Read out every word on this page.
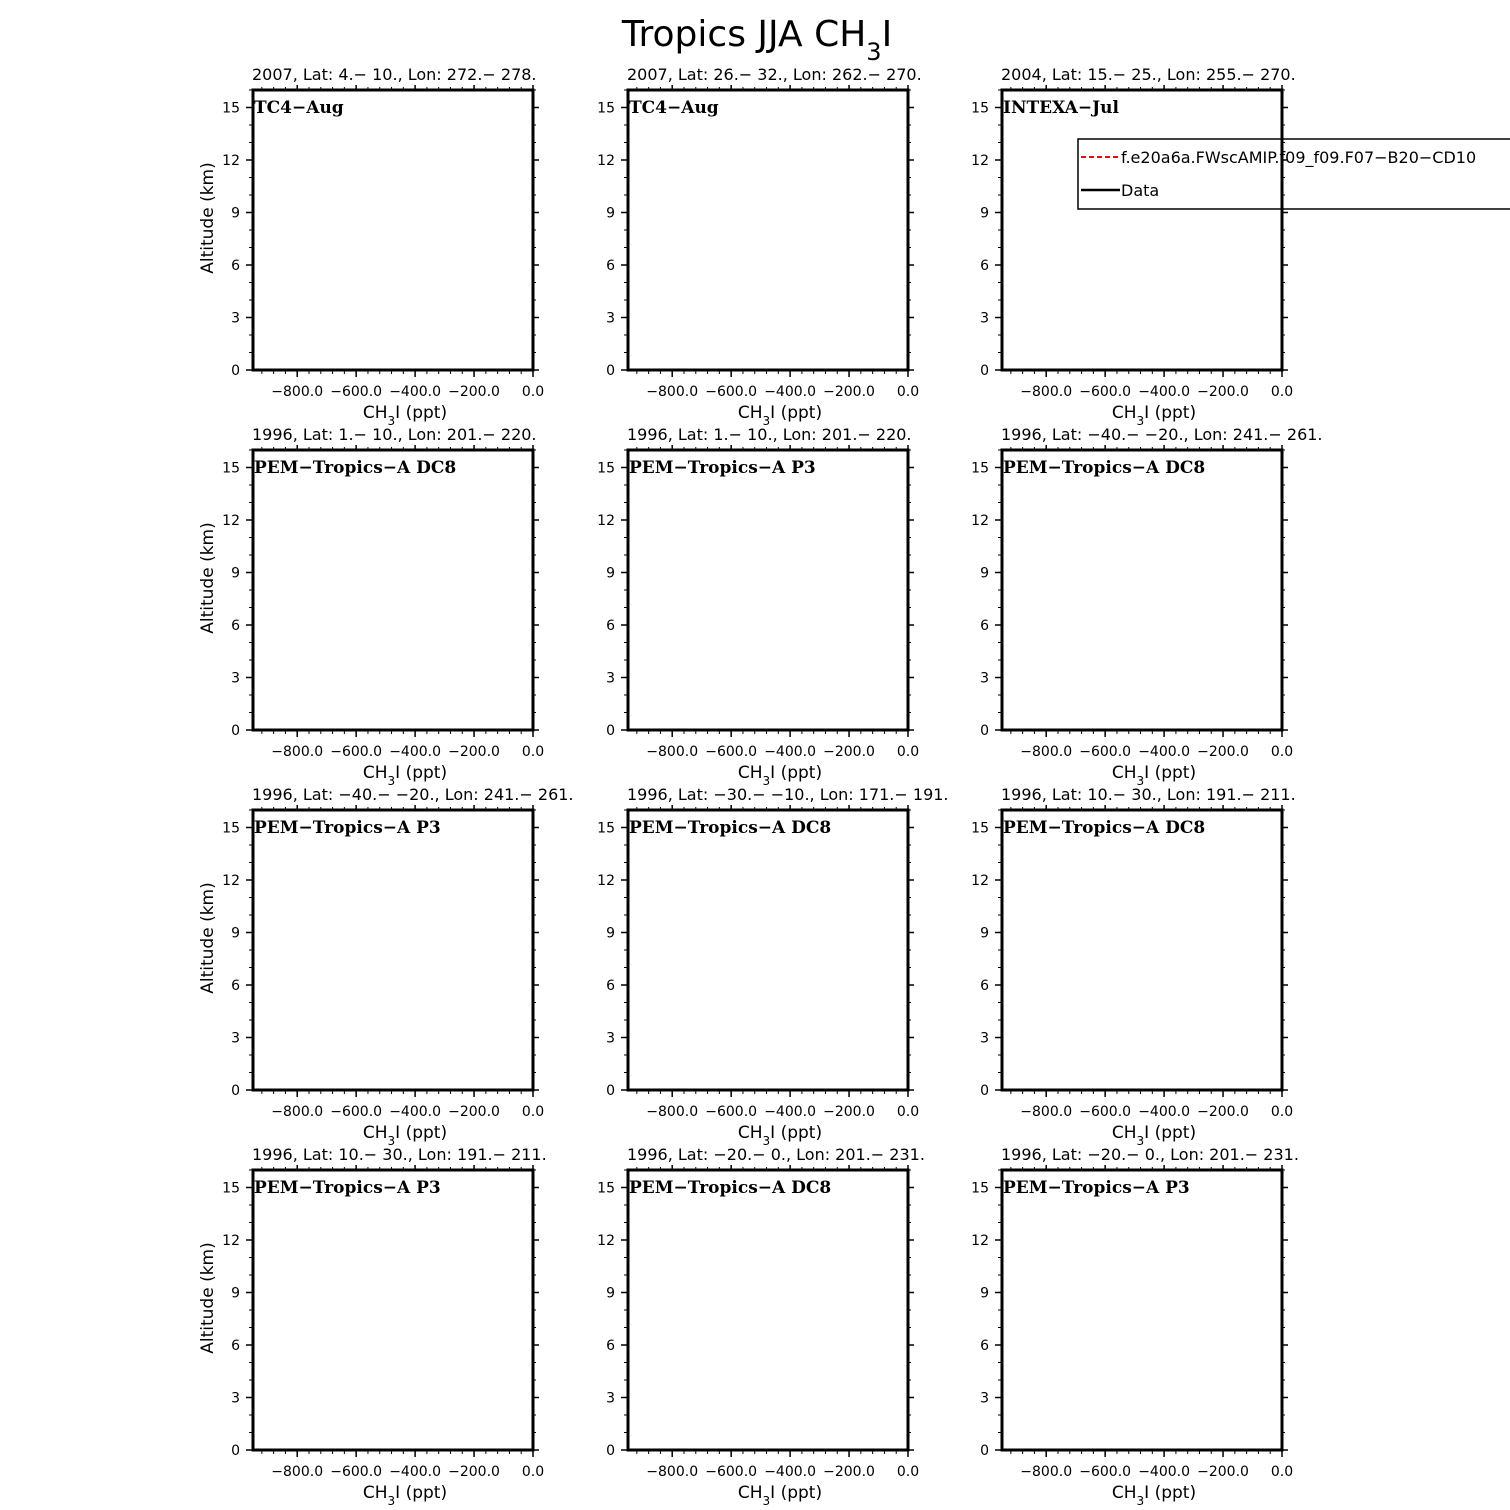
Tropics JJA $CH_3I$
2007, Lat: 4.− 10., Lon: 272.− 278.
TC4−Aug
0
3
6
9
12
15
−800.0 −600.0 −400.0 −200.0 0.0
$CH_3I$ (ppt)
Altitude (km)
2007, Lat: 26.− 32., Lon: 262.− 270.
TC4−Aug
0
3
6
9
12
15
−800.0 −600.0 −400.0 −200.0 0.0
$CH_3I$ (ppt)
2004, Lat: 15.− 25., Lon: 255.− 270.
INTEXA−Jul
0
3
6
9
12
15
−800.0 −600.0 −400.0 −200.0 0.0
$CH_3I$ (ppt)
1996, Lat: 1.− 10., Lon: 201.− 220.
PEM−Tropics−A DC8
0
3
6
9
12
15
−800.0 −600.0 −400.0 −200.0 0.0
$CH_3I$ (ppt)
Altitude (km)
1996, Lat: 1.− 10., Lon: 201.− 220.
PEM−Tropics−A P3
0
3
6
9
12
15
−800.0 −600.0 −400.0 −200.0 0.0
$CH_3I$ (ppt)
1996, Lat: −40.− −20., Lon: 241.− 261.
PEM−Tropics−A DC8
0
3
6
9
12
15
−800.0 −600.0 −400.0 −200.0 0.0
$CH_3I$ (ppt)
1996, Lat: −40.− −20., Lon: 241.− 261.
PEM−Tropics−A P3
0
3
6
9
12
15
−800.0 −600.0 −400.0 −200.0 0.0
$CH_3I$ (ppt)
Altitude (km)
1996, Lat: −30.− −10., Lon: 171.− 191.
PEM−Tropics−A DC8
0
3
6
9
12
15
−800.0 −600.0 −400.0 −200.0 0.0
$CH_3I$ (ppt)
1996, Lat: 10.− 30., Lon: 191.− 211.
PEM−Tropics−A DC8
0
3
6
9
12
15
−800.0 −600.0 −400.0 −200.0 0.0
$CH_3I$ (ppt)
1996, Lat: 10.− 30., Lon: 191.− 211.
PEM−Tropics−A P3
0
3
6
9
12
15
−800.0 −600.0 −400.0 −200.0 0.0
$CH_3I$ (ppt)
Altitude (km)
1996, Lat: −20.− 0., Lon: 201.− 231.
PEM−Tropics−A DC8
0
3
6
9
12
15
−800.0 −600.0 −400.0 −200.0 0.0
$CH_3I$ (ppt)
1996, Lat: −20.− 0., Lon: 201.− 231.
PEM−Tropics−A P3
0
3
6
9
12
15
−800.0 −600.0 −400.0 −200.0 0.0
$CH_3I$ (ppt)
f.e20a6a.FWscAMIP.f09_f09.F07−B20−CD10
Data
